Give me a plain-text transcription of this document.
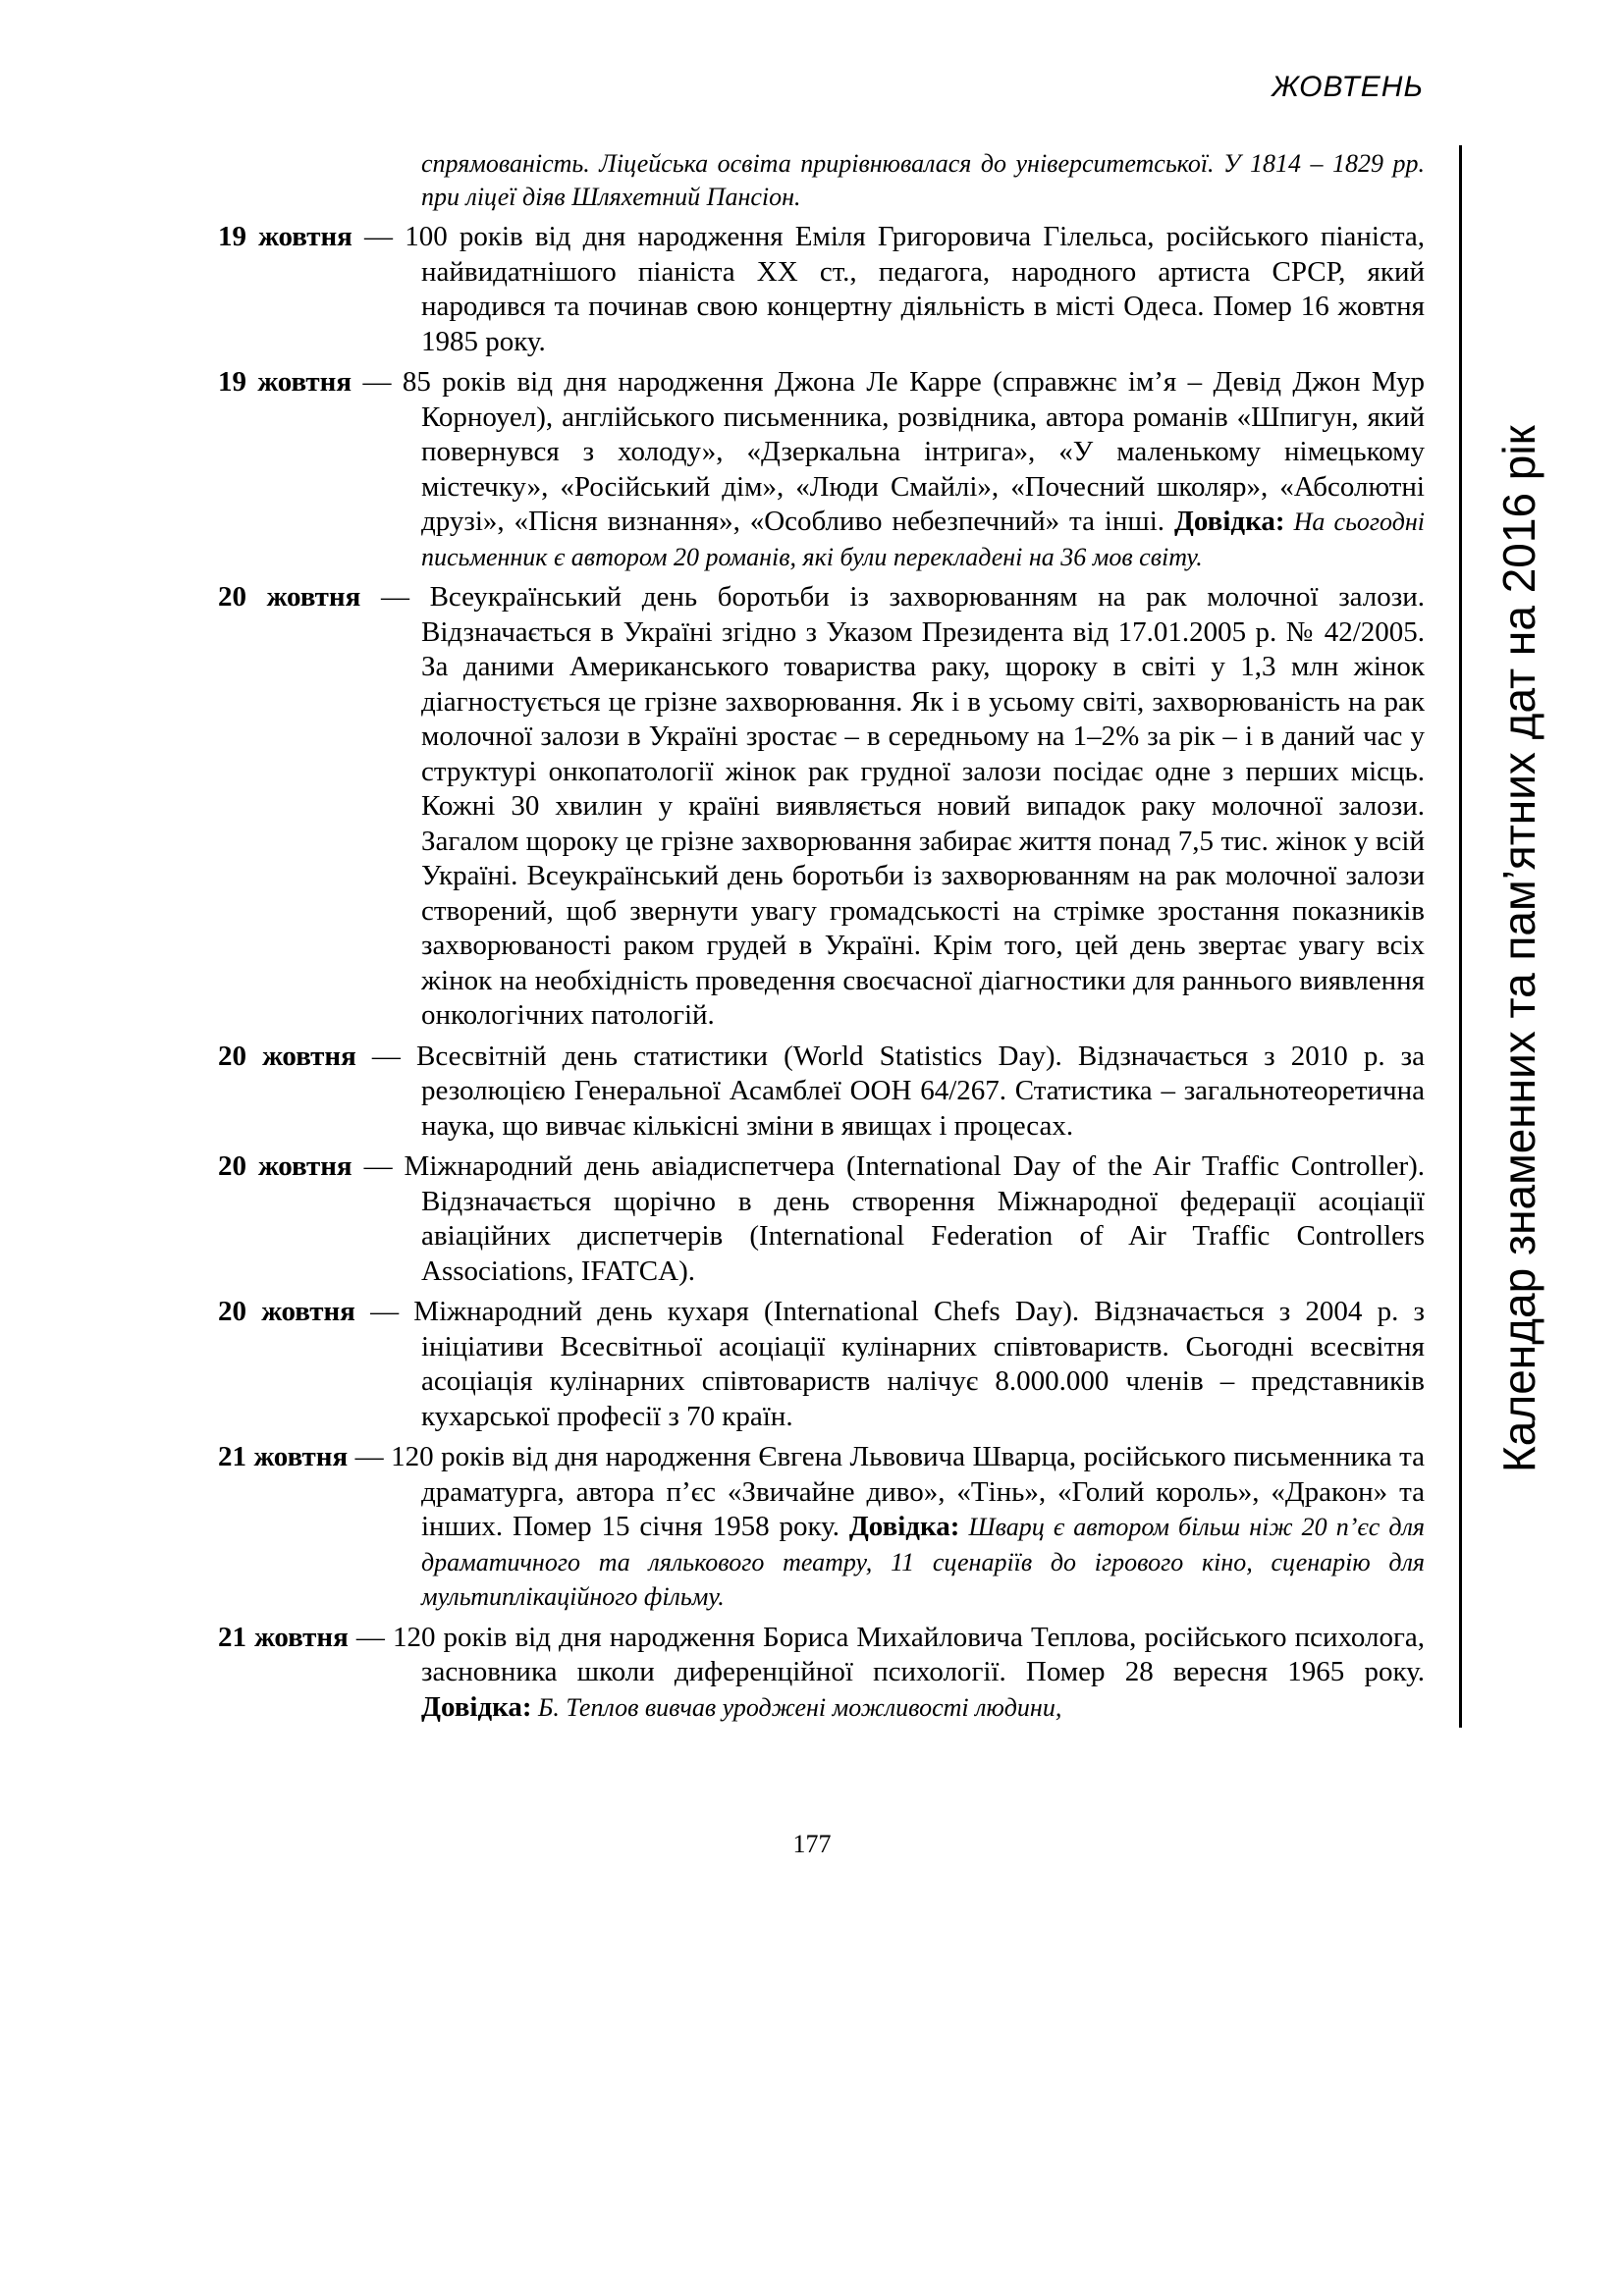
ЖОВТЕНЬ
Календар знаменних та пам’ятних дат на 2016 рік
спрямованість. Ліцейська освіта прирівнювалася до університетської. У 1814 – 1829 рр. при ліцеї діяв Шляхетний Пансіон.
19 жовтня — 100 років від дня народження Еміля Григоровича Гілельса, російського піаніста, найвидатнішого піаніста ХХ ст., педагога, народного артиста СРСР, який народився та починав свою концертну діяльність в місті Одеса. Помер 16 жовтня 1985 року.
19 жовтня — 85 років від дня народження Джона Ле Карре (справжнє ім’я – Девід Джон Мур Корноуел), англійського письменника, розвідника, автора романів «Шпигун, який повернувся з холоду», «Дзеркальна інтрига», «У маленькому німецькому містечку», «Російський дім», «Люди Смайлі», «Почесний школяр», «Абсолютні друзі», «Пісня визнання», «Особливо небезпечний» та інші. Довідка: На сьогодні письменник є автором 20 романів, які були перекладені на 36 мов світу.
20 жовтня — Всеукраїнський день боротьби із захворюванням на рак молочної залози. Відзначається в Україні згідно з Указом Президента від 17.01.2005 р. № 42/2005. За даними Американського товариства раку, щороку в світі у 1,3 млн жінок діагностується це грізне захворювання. Як і в усьому світі, захворюваність на рак молочної залози в Україні зростає – в середньому на 1–2% за рік – і в даний час у структурі онкопатології жінок рак грудної залози посідає одне з перших місць. Кожні 30 хвилин у країні виявляється новий випадок раку молочної залози. Загалом щороку це грізне захворювання забирає життя понад 7,5 тис. жінок у всій Україні. Всеукраїнський день боротьби із захворюванням на рак молочної залози створений, щоб звернути увагу громадськості на стрімке зростання показників захворюваності раком грудей в Україні. Крім того, цей день звертає увагу всіх жінок на необхідність проведення своєчасної діагностики для раннього виявлення онкологічних патологій.
20 жовтня — Всесвітній день статистики (World Statistics Day). Відзначається з 2010 р. за резолюцією Генеральної Асамблеї ООН 64/267. Статистика – загальнотеоретична наука, що вивчає кількісні зміни в явищах і процесах.
20 жовтня — Міжнародний день авіадиспетчера (International Day of the Air Traffic Controller). Відзначається щорічно в день створення Міжнародної федерації асоціації авіаційних диспетчерів (International Federation of Air Traffic Controllers Associations, IFATCA).
20 жовтня — Міжнародний день кухаря (International Chefs Day). Відзначається з 2004 р. з ініціативи Всесвітньої асоціації кулінарних співтовариств. Сьогодні всесвітня асоціація кулінарних співтовариств налічує 8.000.000 членів – представників кухарської професії з 70 країн.
21 жовтня — 120 років від дня народження Євгена Львовича Шварца, російського письменника та драматурга, автора п’єс «Звичайне диво», «Тінь», «Голий король», «Дракон» та інших. Помер 15 січня 1958 року. Довідка: Шварц є автором більш ніж 20 п’єс для драматичного та лялькового театру, 11 сценаріїв до ігрового кіно, сценарію для мультиплікаційного фільму.
21 жовтня — 120 років від дня народження Бориса Михайловича Теплова, російського психолога, засновника школи диференційної психології. Помер 28 вересня 1965 року. Довідка: Б. Теплов вивчав уроджені можливості людини,
177
